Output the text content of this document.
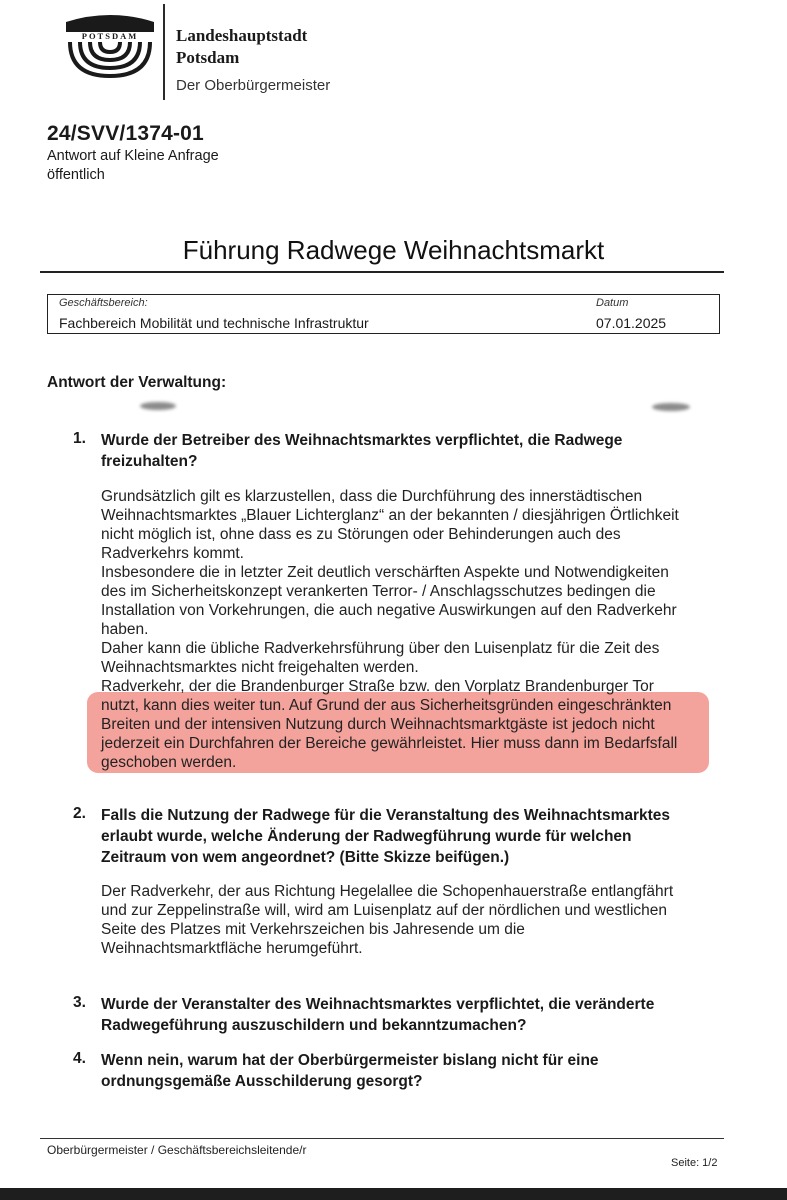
POTSDAM Landeshauptstadt
Potsdam
Der Oberbürgermeister
24/SVV/1374-01
Antwort auf Kleine Anfrage
öffentlich
Führung Radwege Weihnachtsmarkt
Geschäftsbereich:
Fachbereich Mobilität und technische Infrastruktur
Datum
07.01.2025
Antwort der Verwaltung:
1. Wurde der Betreiber des Weihnachtsmarktes verpflichtet, die Radwege
freizuhalten?
Grundsätzlich gilt es klarzustellen, dass die Durchführung des innerstädtischen
Weihnachtsmarktes „Blauer Lichterglanz“ an der bekannten / diesjährigen Örtlichkeit
nicht möglich ist, ohne dass es zu Störungen oder Behinderungen auch des
Radverkehrs kommt.
Insbesondere die in letzter Zeit deutlich verschärften Aspekte und Notwendigkeiten
des im Sicherheitskonzept verankerten Terror- / Anschlagsschutzes bedingen die
Installation von Vorkehrungen, die auch negative Auswirkungen auf den Radverkehr
haben.
Daher kann die übliche Radverkehrsführung über den Luisenplatz für die Zeit des
Weihnachtsmarktes nicht freigehalten werden.
Radverkehr, der die Brandenburger Straße bzw. den Vorplatz Brandenburger Tor
nutzt, kann dies weiter tun. Auf Grund der aus Sicherheitsgründen eingeschränkten
Breiten und der intensiven Nutzung durch Weihnachtsmarktgäste ist jedoch nicht
jederzeit ein Durchfahren der Bereiche gewährleistet. Hier muss dann im Bedarfsfall
geschoben werden.
2. Falls die Nutzung der Radwege für die Veranstaltung des Weihnachtsmarktes
erlaubt wurde, welche Änderung der Radwegführung wurde für welchen
Zeitraum von wem angeordnet? (Bitte Skizze beifügen.)
Der Radverkehr, der aus Richtung Hegelallee die Schopenhauerstraße entlangfährt
und zur Zeppelinstraße will, wird am Luisenplatz auf der nördlichen und westlichen
Seite des Platzes mit Verkehrszeichen bis Jahresende um die
Weihnachtsmarktfläche herumgeführt.
3. Wurde der Veranstalter des Weihnachtsmarktes verpflichtet, die veränderte
Radwegeführung auszuschildern und bekanntzumachen?
4. Wenn nein, warum hat der Oberbürgermeister bislang nicht für eine
ordnungsgemäße Ausschilderung gesorgt?
Oberbürgermeister / Geschäftsbereichsleitende/r
Seite: 1/2
